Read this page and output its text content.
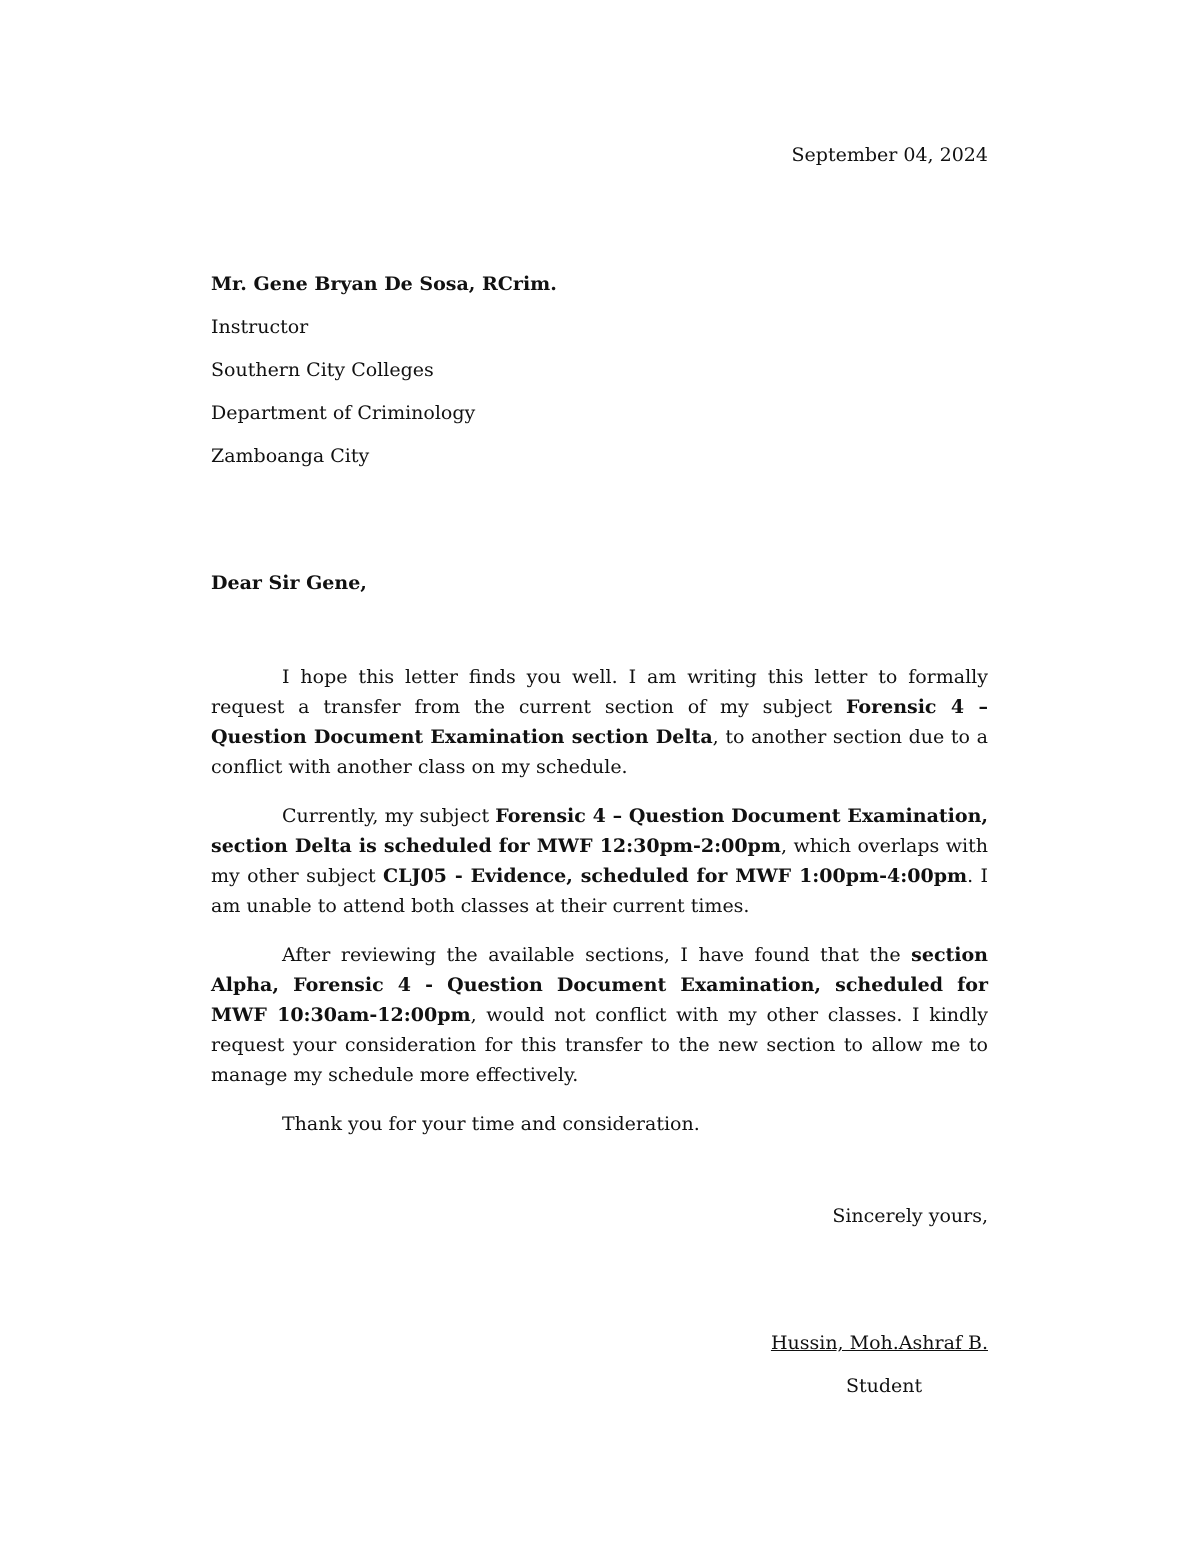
September 04, 2024
Mr. Gene Bryan De Sosa, RCrim.
Instructor
Southern City Colleges
Department of Criminology
Zamboanga City
Dear Sir Gene,

I hope this letter finds you well. I am writing this letter to formally request a transfer from the current section of my subject Forensic 4 – Question Document Examination section Delta, to another section due to a conflict with another class on my schedule.

Currently, my subject Forensic 4 – Question Document Examination, section Delta is scheduled for MWF 12:30pm-2:00pm, which overlaps with my other subject CLJ05 - Evidence, scheduled for MWF 1:00pm-4:00pm. I am unable to attend both classes at their current times.

After reviewing the available sections, I have found that the section Alpha, Forensic 4 - Question Document Examination, scheduled for MWF 10:30am-12:00pm, would not conflict with my other classes. I kindly request your consideration for this transfer to the new section to allow me to manage my schedule more effectively.

Thank you for your time and consideration.

Sincerely yours,
Hussin, Moh.Ashraf B.
Student
